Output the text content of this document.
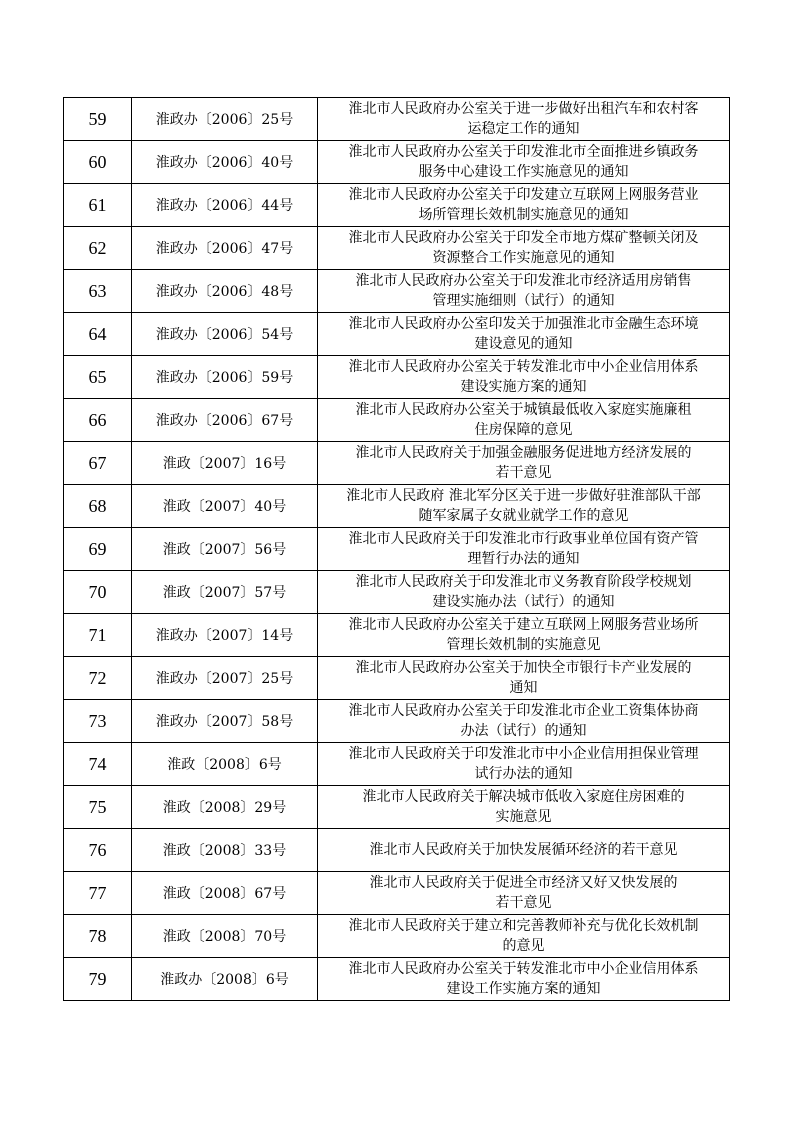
59	淮政办〔2006〕25号	淮北市人民政府办公室关于进一步做好出租汽车和农村客
运稳定工作的通知

60	淮政办〔2006〕40号	淮北市人民政府办公室关于印发淮北市全面推进乡镇政务
服务中心建设工作实施意见的通知

61	淮政办〔2006〕44号	淮北市人民政府办公室关于印发建立互联网上网服务营业
场所管理长效机制实施意见的通知

62	淮政办〔2006〕47号	淮北市人民政府办公室关于印发全市地方煤矿整顿关闭及
资源整合工作实施意见的通知

63	淮政办〔2006〕48号	淮北市人民政府办公室关于印发淮北市经济适用房销售
管理实施细则（试行）的通知

64	淮政办〔2006〕54号	淮北市人民政府办公室印发关于加强淮北市金融生态环境
建设意见的通知

65	淮政办〔2006〕59号	淮北市人民政府办公室关于转发淮北市中小企业信用体系
建设实施方案的通知

66	淮政办〔2006〕67号	淮北市人民政府办公室关于城镇最低收入家庭实施廉租
住房保障的意见

67	淮政〔2007〕16号	淮北市人民政府关于加强金融服务促进地方经济发展的
若干意见

68	淮政〔2007〕40号	淮北市人民政府 淮北军分区关于进一步做好驻淮部队干部
随军家属子女就业就学工作的意见

69	淮政〔2007〕56号	淮北市人民政府关于印发淮北市行政事业单位国有资产管
理暂行办法的通知

70	淮政〔2007〕57号	淮北市人民政府关于印发淮北市义务教育阶段学校规划
建设实施办法（试行）的通知

71	淮政办〔2007〕14号	淮北市人民政府办公室关于建立互联网上网服务营业场所
管理长效机制的实施意见

72	淮政办〔2007〕25号	淮北市人民政府办公室关于加快全市银行卡产业发展的
通知

73	淮政办〔2007〕58号	淮北市人民政府办公室关于印发淮北市企业工资集体协商
办法（试行）的通知

74	淮政〔2008〕6号	淮北市人民政府关于印发淮北市中小企业信用担保业管理
试行办法的通知

75	淮政〔2008〕29号	淮北市人民政府关于解决城市低收入家庭住房困难的
实施意见

76	淮政〔2008〕33号	淮北市人民政府关于加快发展循环经济的若干意见

77	淮政〔2008〕67号	淮北市人民政府关于促进全市经济又好又快发展的
若干意见

78	淮政〔2008〕70号	淮北市人民政府关于建立和完善教师补充与优化长效机制
的意见

79	淮政办〔2008〕6号	淮北市人民政府办公室关于转发淮北市中小企业信用体系
建设工作实施方案的通知
